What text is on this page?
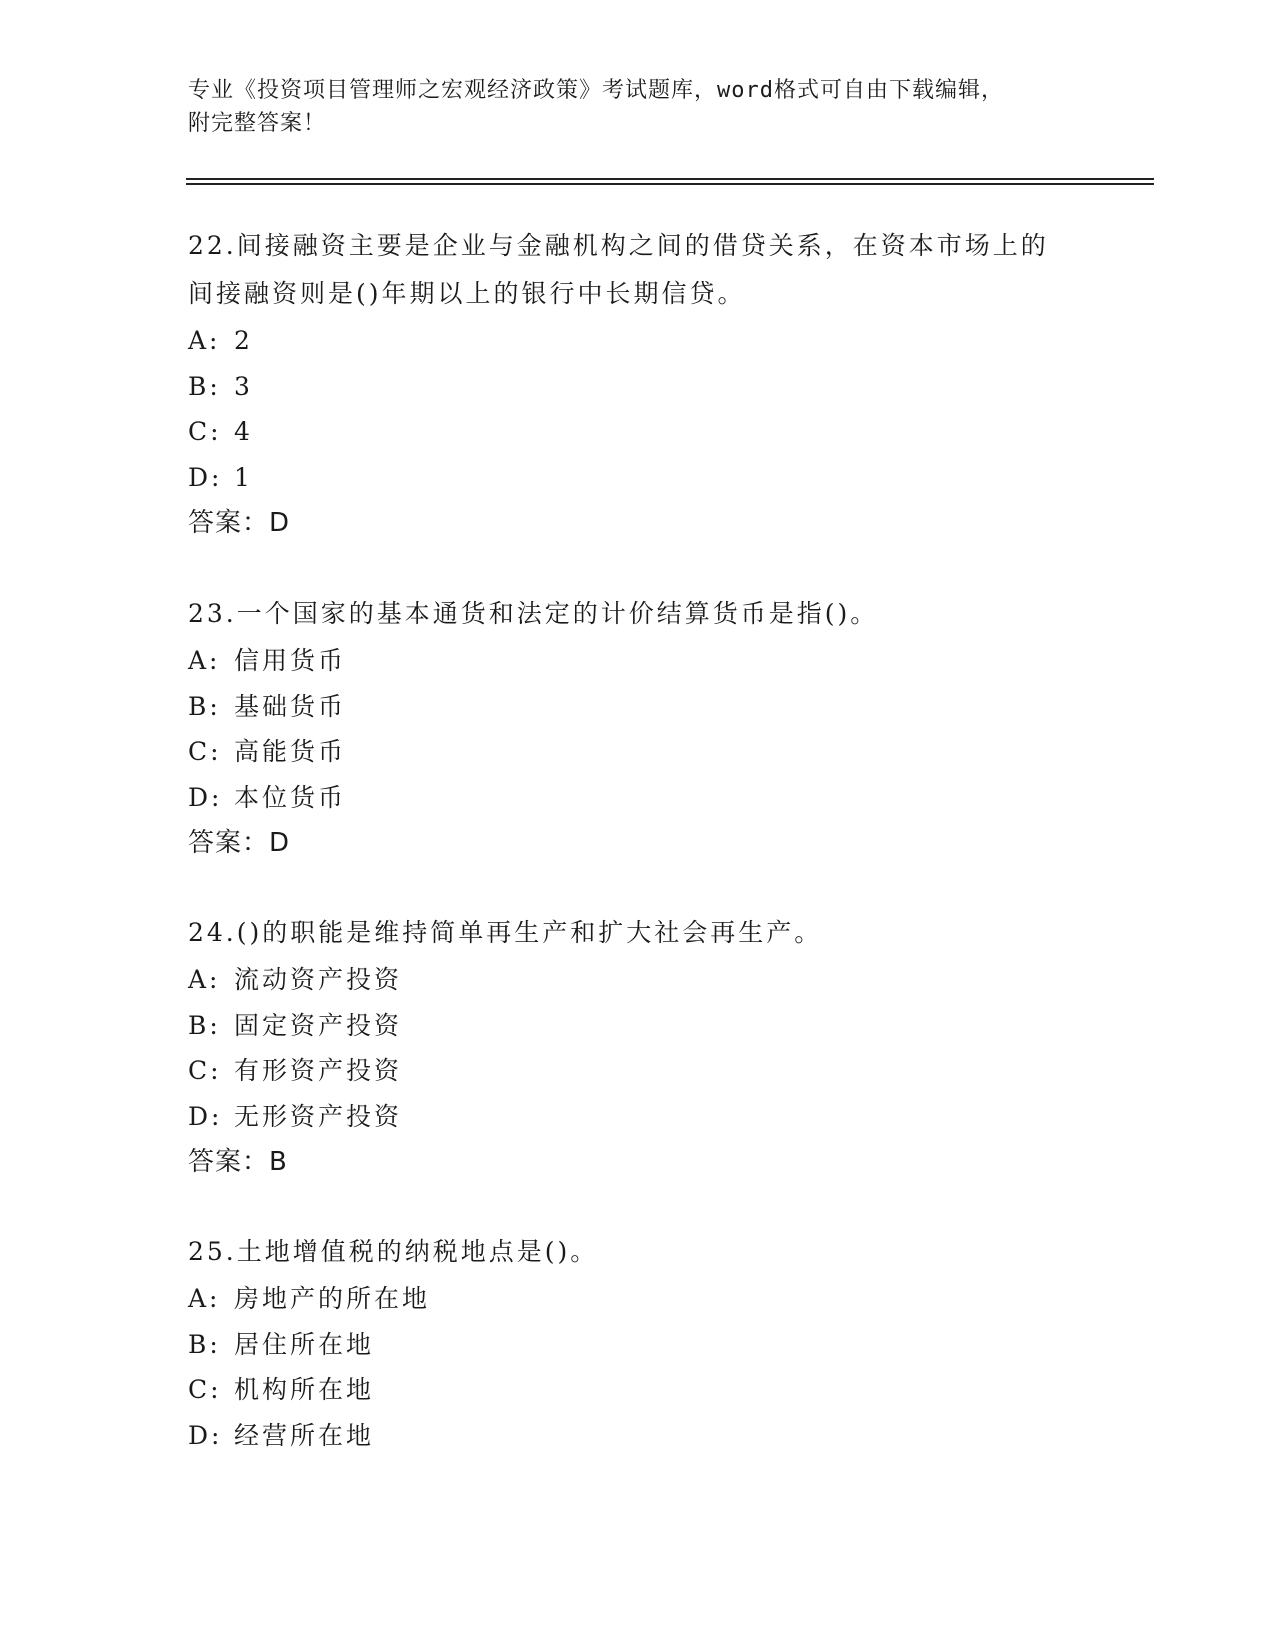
专业《投资项目管理师之宏观经济政策》考试题库，word格式可自由下载编辑，
附完整答案！
22.间接融资主要是企业与金融机构之间的借贷关系，在资本市场上的
间接融资则是()年期以上的银行中长期信贷。
A: 2
B: 3
C: 4
D: 1
答案：D
23.一个国家的基本通货和法定的计价结算货币是指()。
A: 信用货币
B: 基础货币
C: 高能货币
D: 本位货币
答案：D
24.()的职能是维持简单再生产和扩大社会再生产。
A: 流动资产投资
B: 固定资产投资
C: 有形资产投资
D: 无形资产投资
答案：B
25.土地增值税的纳税地点是()。
A: 房地产的所在地
B: 居住所在地
C: 机构所在地
D: 经营所在地
